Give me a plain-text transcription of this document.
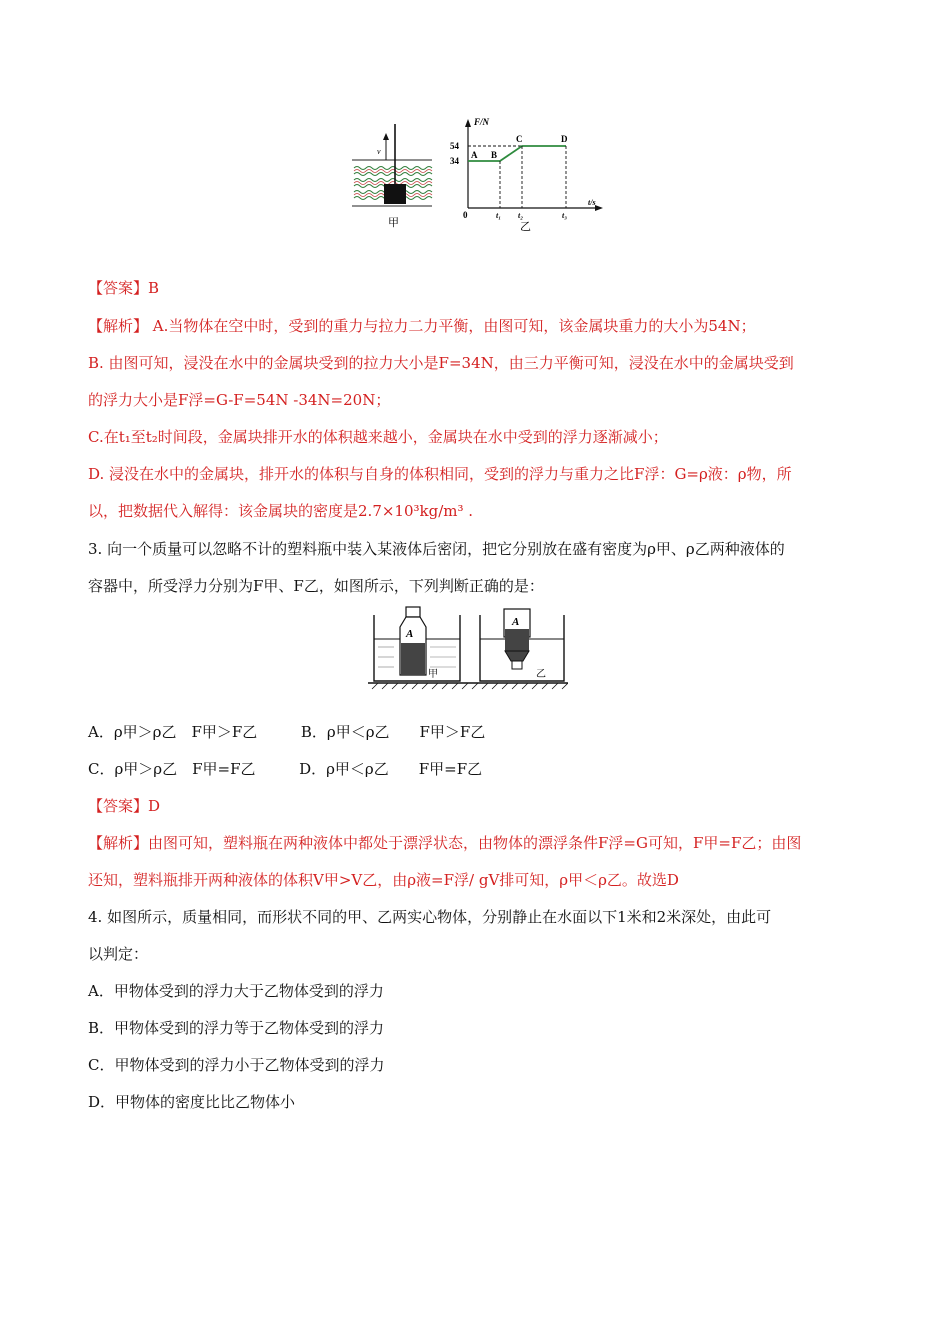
v
甲
F/N
54
34
A B
C	D
0	t₁ t₂	t₃
t/s
乙
【答案】B
【解析】 A.当物体在空中时，受到的重力与拉力二力平衡，由图可知，该金属块重力的大小为54N；
B. 由图可知，浸没在水中的金属块受到的拉力大小是F=34N，由三力平衡可知，浸没在水中的金属块受到
的浮力大小是F浮=G-F=54N -34N=20N；
C.在t₁至t₂时间段，金属块排开水的体积越来越小，金属块在水中受到的浮力逐渐减小；
D. 浸没在水中的金属块，排开水的体积与自身的体积相同，受到的浮力与重力之比F浮：G=ρ液：ρ物，所
以，把数据代入解得：该金属块的密度是2.7×10³kg/m³ .
3. 向一个质量可以忽略不计的塑料瓶中装入某液体后密闭，把它分别放在盛有密度为ρ甲、ρ乙两种液体的
容器中，所受浮力分别为F甲、F乙，如图所示，下列判断正确的是：
A
甲
A
乙
A．ρ甲＞ρ乙　F甲＞F乙	B．ρ甲＜ρ乙　　F甲＞F乙
C．ρ甲＞ρ乙　F甲=F乙	D．ρ甲＜ρ乙　　F甲=F乙
【答案】D
【解析】由图可知，塑料瓶在两种液体中都处于漂浮状态，由物体的漂浮条件F浮=G可知，F甲=F乙；由图
还知，塑料瓶排开两种液体的体积V甲>V乙，由ρ液=F浮/ gV排可知，ρ甲＜ρ乙。故选D
4. 如图所示，质量相同，而形状不同的甲、乙两实心物体，分别静止在水面以下1米和2米深处，由此可
以判定：
A．甲物体受到的浮力大于乙物体受到的浮力
B．甲物体受到的浮力等于乙物体受到的浮力
C．甲物体受到的浮力小于乙物体受到的浮力
D．甲物体的密度比比乙物体小
